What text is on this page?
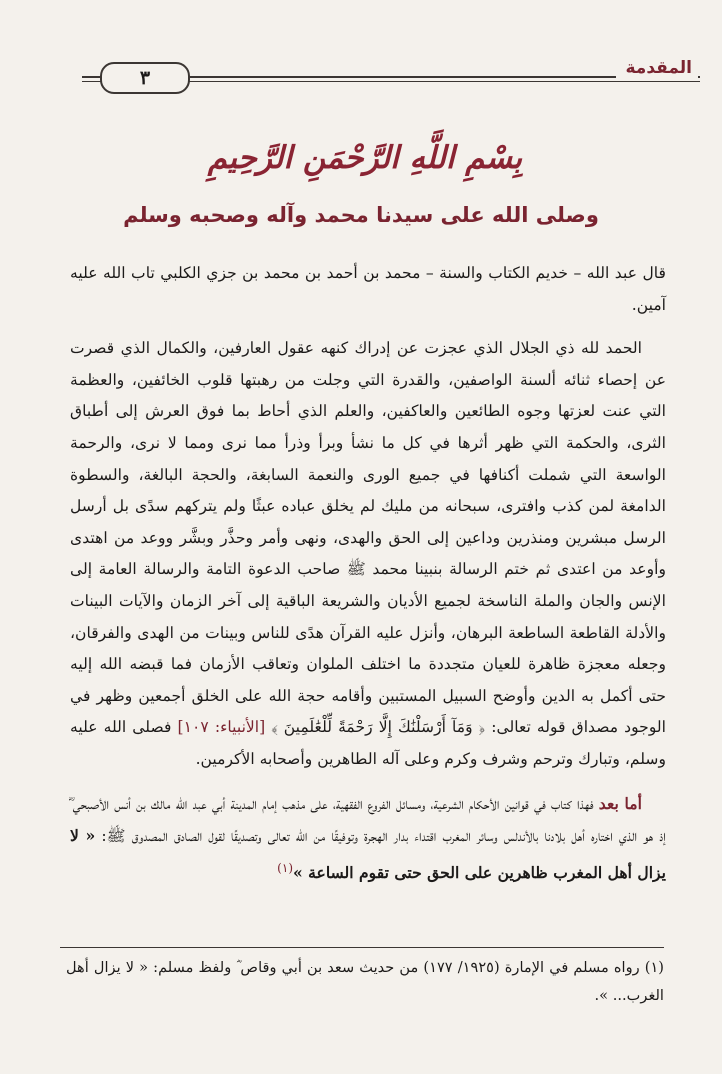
٣	المقدمة
بِسْمِ اللَّهِ الرَّحْمَنِ الرَّحِيمِ
وصلى الله على سيدنا محمد وآله وصحبه وسلم

قال عبد الله – خديم الكتاب والسنة – محمد بن أحمد بن محمد بن جزي الكلبي تاب الله عليه آمين.

الحمد لله ذي الجلال الذي عجزت عن إدراك كنهه عقول العارفين، والكمال الذي قصرت عن إحصاء ثنائه ألسنة الواصفين، والقدرة التي وجلت من رهبتها قلوب الخائفين، والعظمة التي عنت لعزتها وجوه الطائعين والعاكفين، والعلم الذي أحاط بما فوق العرش إلى أطباق الثرى، والحكمة التي ظهر أثرها في كل ما نشأ وبرأ وذرأ مما نرى ومما لا نرى، والرحمة الواسعة التي شملت أكنافها في جميع الورى والنعمة السابغة، والحجة البالغة، والسطوة الدامغة لمن كذب وافترى، سبحانه من مليك لم يخلق عباده عبثًا ولم يتركهم سدًى بل أرسل الرسل مبشرين ومنذرين وداعين إلى الحق والهدى، ونهى وأمر وحذَّر وبشَّر ووعد من اهتدى وأوعد من اعتدى ثم ختم الرسالة بنبينا محمد ﷺ صاحب الدعوة التامة والرسالة العامة إلى الإنس والجان والملة الناسخة لجميع الأديان والشريعة الباقية إلى آخر الزمان والآيات البينات والأدلة القاطعة الساطعة البرهان، وأنزل عليه القرآن هدًى للناس وبينات من الهدى والفرقان، وجعله معجزة ظاهرة للعيان متجددة ما اختلف الملوان وتعاقب الأزمان فما قبضه الله إليه حتى أكمل به الدين وأوضح السبيل المستبين وأقامه حجة الله على الخلق أجمعين وظهر في الوجود مصداق قوله تعالى: ﴿ وَمَآ أَرْسَلْنَٰكَ إِلَّا رَحْمَةً لِّلْعَٰلَمِينَ ﴾ [الأنبياء: ١٠٧] فصلى الله عليه وسلم، وتبارك وترحم وشرف وكرم وعلى آله الطاهرين وأصحابه الأكرمين.

أما بعد فهذا كتاب في قوانين الأحكام الشرعية، ومسائل الفروع الفقهية، على مذهب إمام المدينة أبي عبد الله مالك بن أنس الأصبحي ؓ إذ هو الذي اختاره أهل بلادنا بالأندلس وسائر المغرب اقتداء بدار الهجرة وتوفيقًا من الله تعالى وتصديقًا لقول الصادق المصدوق ﷺ: « لا يزال أهل المغرب ظاهرين على الحق حتى تقوم الساعة »$^{(١)}$

(١) رواه مسلم في الإمارة (١٩٢٥/ ١٧٧) من حديث سعد بن أبي وقاص ؓ ولفظ مسلم: « لا يزال أهل الغرب... ».
